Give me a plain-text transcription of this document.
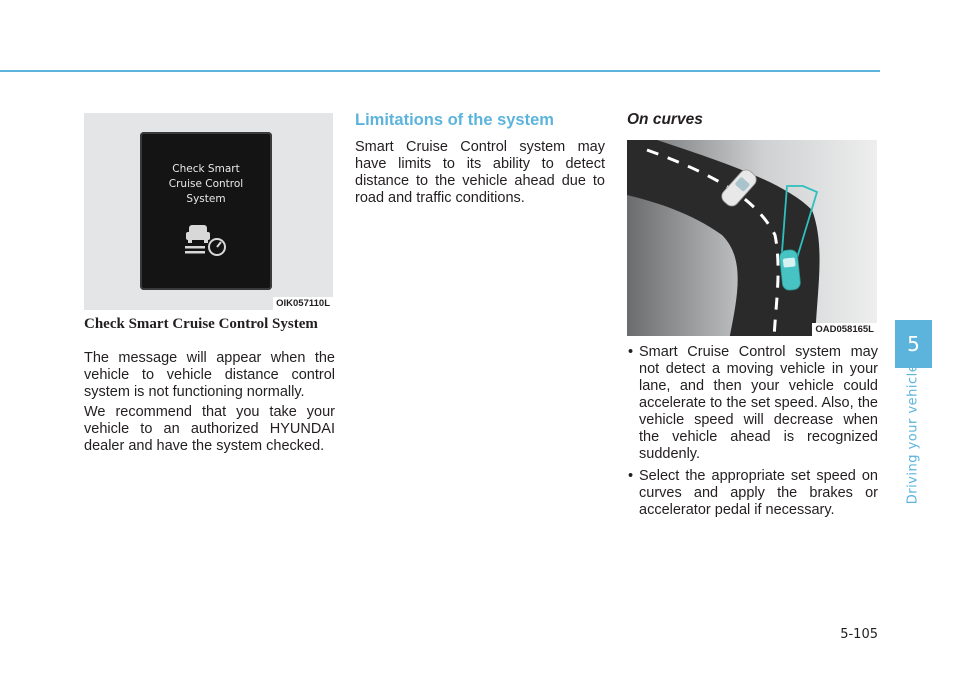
Check Smart
Cruise Control
System
OIK057110L
Check Smart Cruise Control System

The message will appear when the vehicle to vehicle distance control system is not functioning normally.

We recommend that you take your vehicle to an authorized HYUNDAI dealer and have the system checked.

Limitations of the system

Smart Cruise Control system may have limits to its ability to detect distance to the vehicle ahead due to road and traffic conditions.

On curves
OAD058165L
• Smart Cruise Control system may not detect a moving vehicle in your lane, and then your vehicle could accelerate to the set speed. Also, the vehicle speed will decrease when the vehicle ahead is recognized suddenly.
• Select the appropriate set speed on curves and apply the brakes or accelerator pedal if necessary.
5
Driving your vehicle
5-105
